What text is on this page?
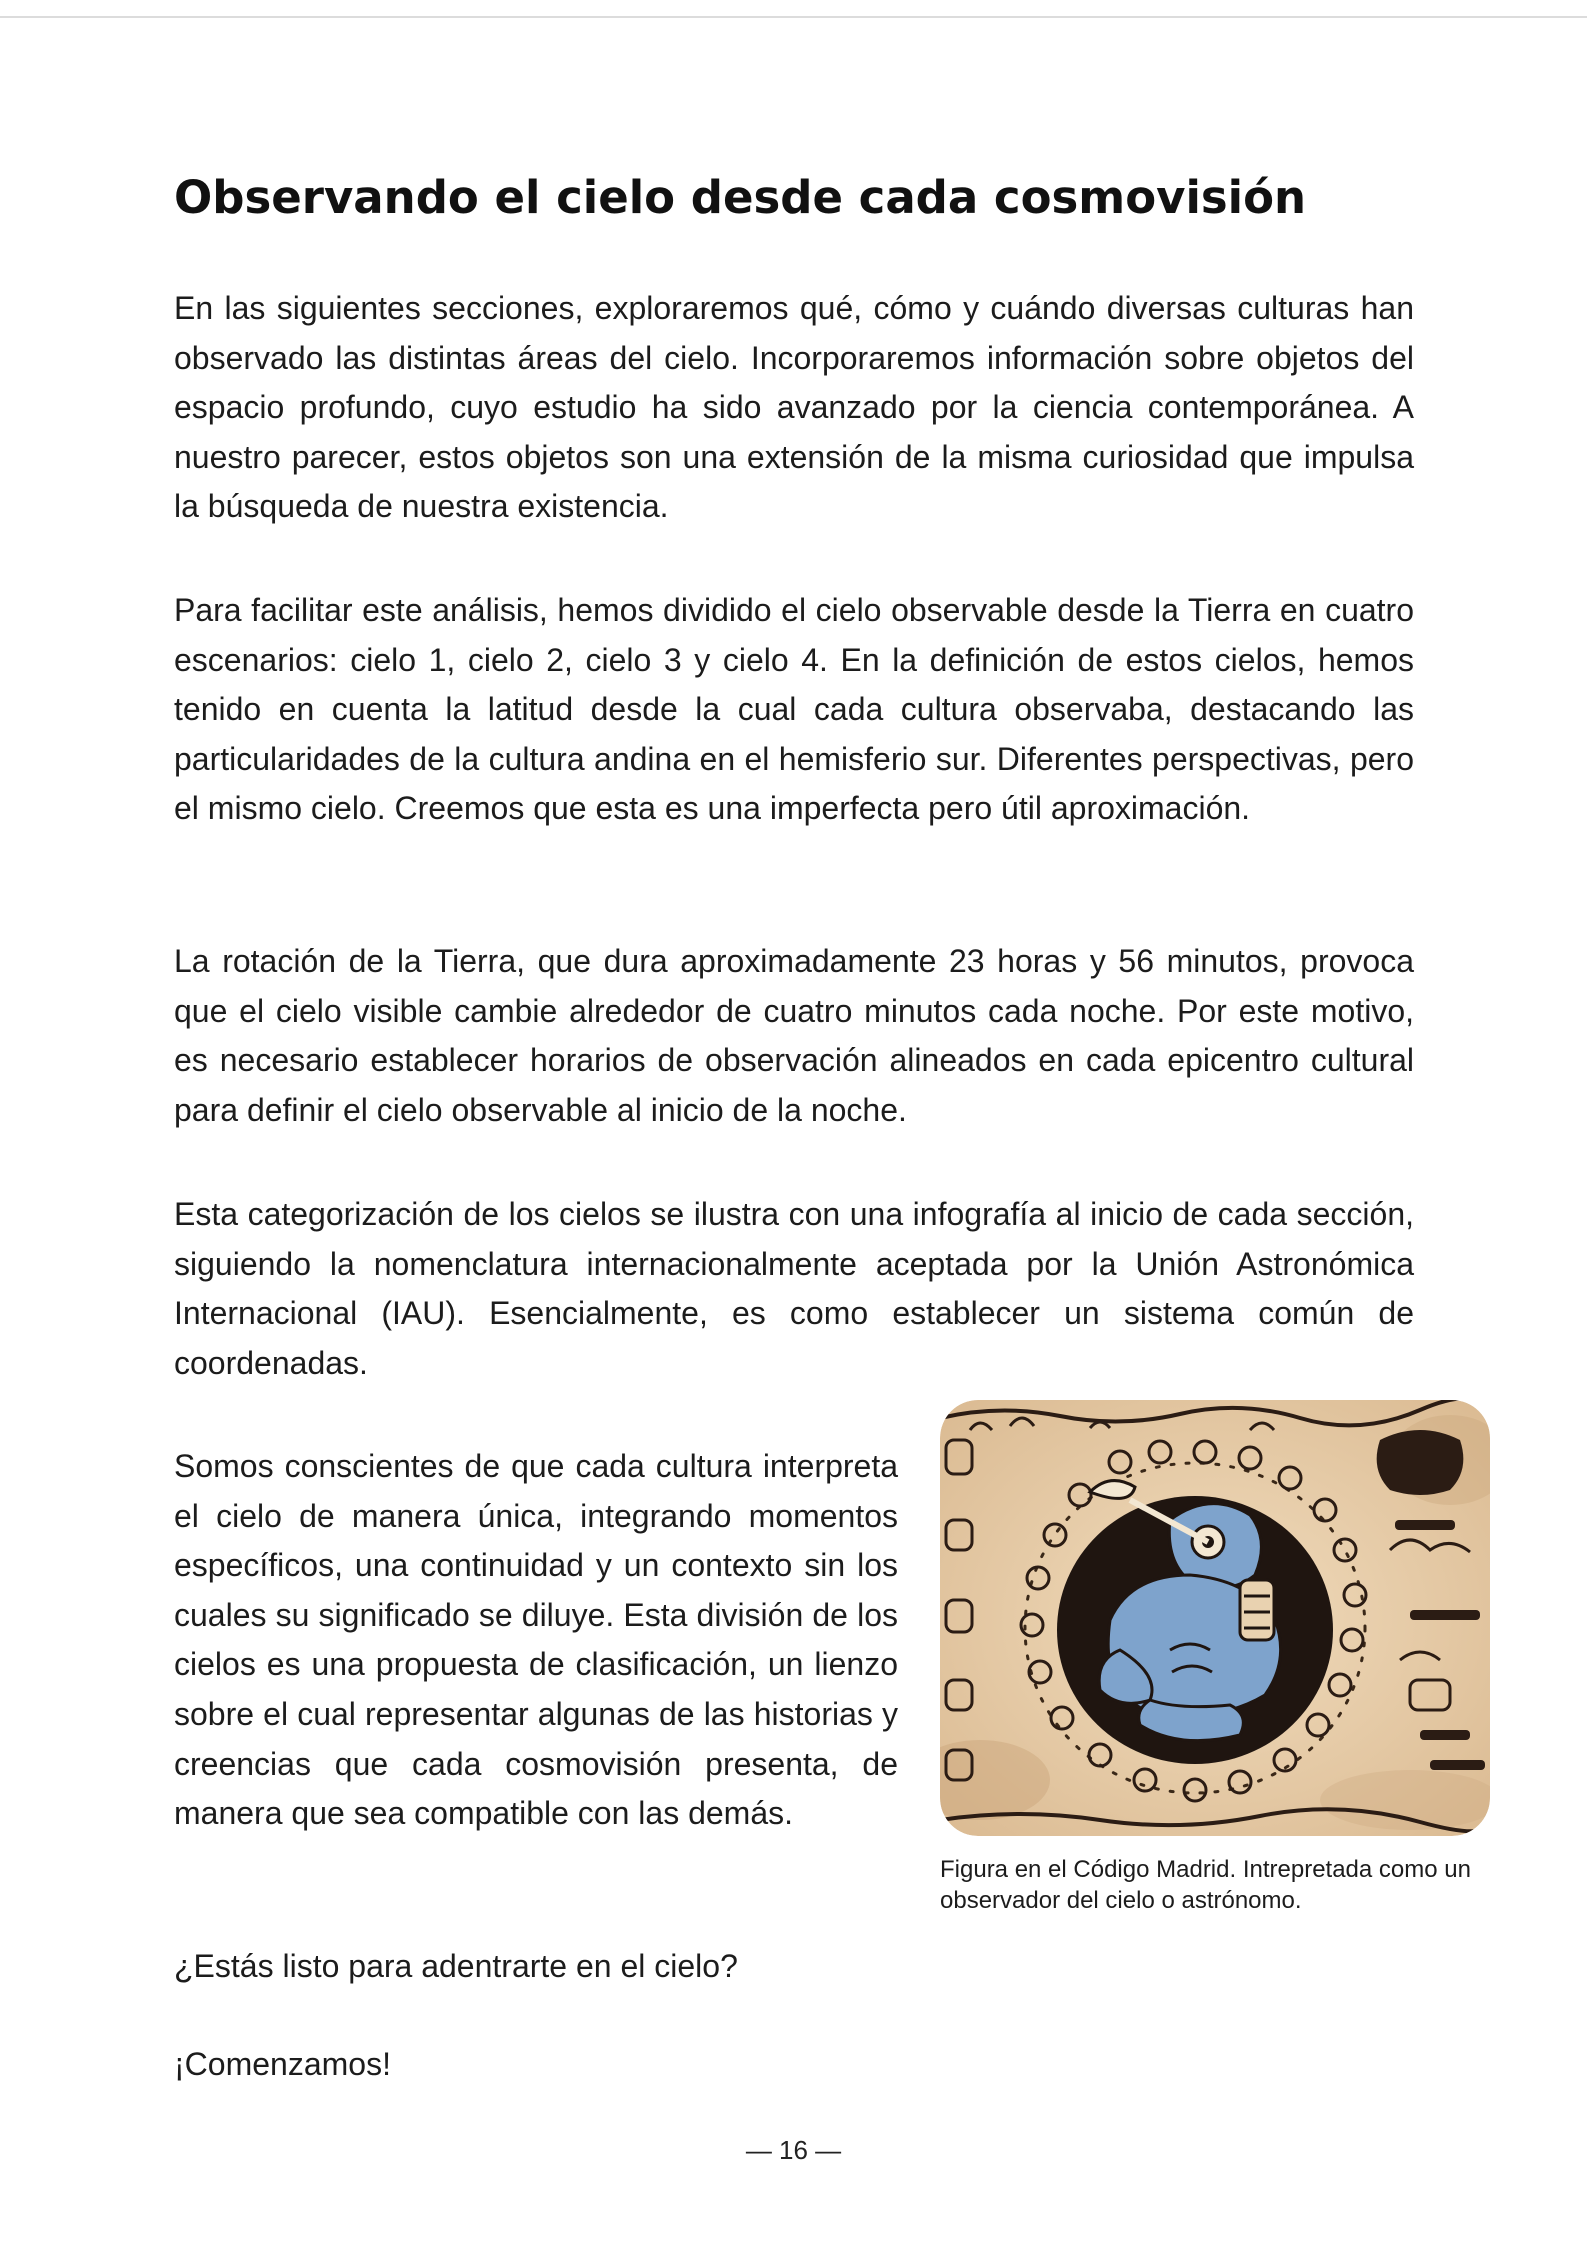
Observando el cielo desde cada cosmovisión

En las siguientes secciones, exploraremos qué, cómo y cuándo diversas culturas han observado las distintas áreas del cielo. Incorporaremos información sobre objetos del espacio profundo, cuyo estudio ha sido avanzado por la ciencia contemporánea. A nuestro parecer, estos objetos son una extensión de la misma curiosidad que impulsa la búsqueda de nuestra existencia.

Para facilitar este análisis, hemos dividido el cielo observable desde la Tierra en cuatro escenarios: cielo 1, cielo 2, cielo 3 y cielo 4. En la definición de estos cielos, hemos tenido en cuenta la latitud desde la cual cada cultura observaba, destacando las particularidades de la cultura andina en el hemisferio sur. Diferentes perspectivas, pero el mismo cielo. Creemos que esta es una imperfecta pero útil aproximación.

La rotación de la Tierra, que dura aproximadamente 23 horas y 56 minutos, provoca que el cielo visible cambie alrededor de cuatro minutos cada noche. Por este motivo, es necesario establecer horarios de observación alineados en cada epicentro cultural para definir el cielo observable al inicio de la noche.

Esta categorización de los cielos se ilustra con una infografía al inicio de cada sección, siguiendo la nomenclatura internacionalmente aceptada por la Unión Astronómica Internacional (IAU). Esencialmente, es como establecer un sistema común de coordenadas.

Somos conscientes de que cada cultura interpreta el cielo de manera única, integrando momentos específicos, una continuidad y un contexto sin los cuales su significado se diluye. Esta división de los cielos es una propuesta de clasificación, un lienzo sobre el cual representar algunas de las historias y creencias que cada cosmovisión presenta, de manera que sea compatible con las demás.

¿Estás listo para adentrarte en el cielo?

¡Comenzamos!

Figura en el Código Madrid. Intrepretada como un observador del cielo o astrónomo.
— 16 —
